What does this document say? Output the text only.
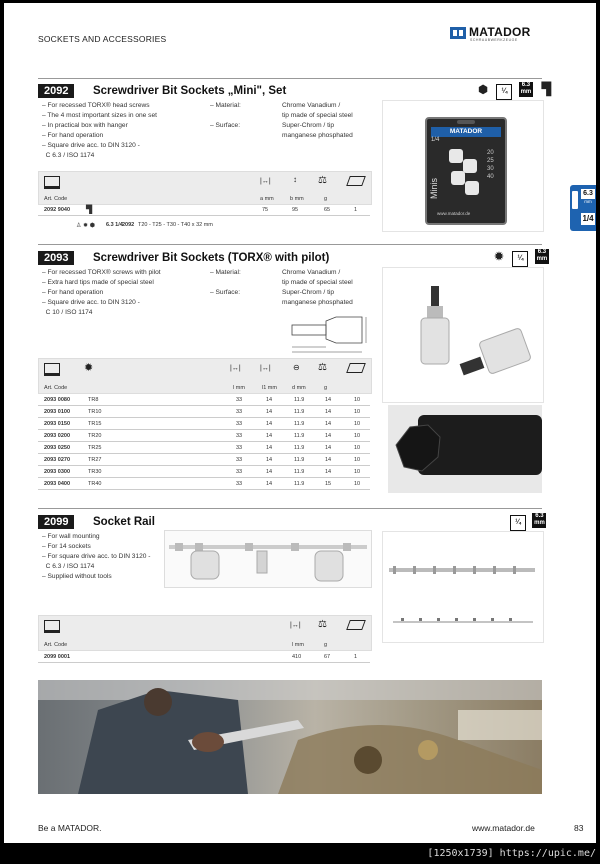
SOCKETS AND ACCESSORIES	MATADOR
SCHRAUBWERKZEUGE
6.3
mm
1/4
2092 Screwdriver Bit Sockets „Mini", Set	⬢ ¼ 6.3
mm ▜
– For recessed TORX® head screws
– The 4 most important sizes in one set
– In practical box with hanger
– For hand operation
– Square drive acc. to DIN 3120 -
C 6.3 / ISO 1174
– Material:	Chrome Vanadium /
tip made of special steel
– Surface:	Super-Chrom / tip
manganese phosphated
|↔|	↕ ⚖
Art. Code	a mm	b mm	g
2092 9040 ▜	75	95	65	1
♙ ✹ ⬢ 6.3 1/4 2092 T20 - T25 - T30 - T40 x 32 mm
MATADOR
Minis
20
25
30
40
1/4
www.matador.de
2093 Screwdriver Bit Sockets (TORX® with pilot)	✹ ¼ 6.3
mm
– For recessed TORX® screws with pilot
– Extra hard tips made of special steel
– For hand operation
– Square drive acc. to DIN 3120 -
C 10 / ISO 1174
– Material:	Chrome Vanadium /
tip made of special steel
– Surface:	Super-Chrom / tip
manganese phosphated
✹	|↔|	|↔|	⊖ ⚖
Art. Code	l mm	l1 mm	d mm	g
2093 0080	TR8	33	14	11.9	14	10
2093 0100	TR10	33	14	11.9	14	10
2093 0150	TR15	33	14	11.9	14	10
2093 0200	TR20	33	14	11.9	14	10
2093 0250	TR25	33	14	11.9	14	10
2093 0270	TR27	33	14	11.9	14	10
2093 0300	TR30	33	14	11.9	14	10
2093 0400	TR40	33	14	11.9	15	10
2099 Socket Rail	¼ 6.3
mm
– For wall mounting
– For 14 sockets
– For square drive acc. to DIN 3120 -
C 6.3 / ISO 1174
– Supplied without tools
|↔| ⚖
Art. Code	l mm	g
2099 0001	410	67	1
Be a MATADOR.	www.matador.de	83
[1250x1739] https://upic.me/
